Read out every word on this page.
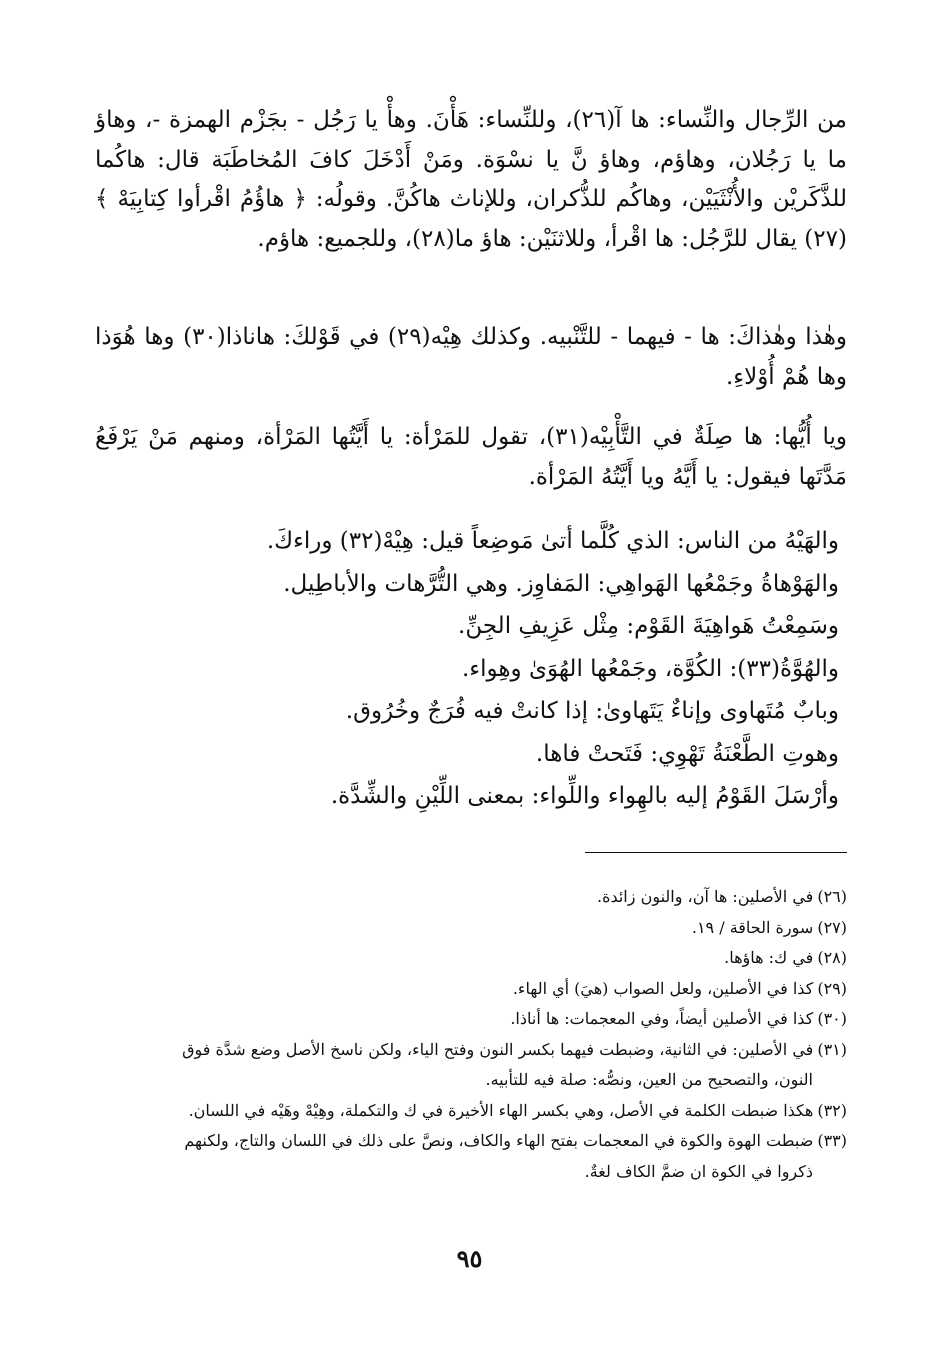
من الرِّجال والنِّساء: ها آ(٢٦)، وللنِّساء: هَأْنَ. وهأْ يا رَجُل - بجَزْم الهمزة -، وهاؤ ما يا رَجُلان، وهاؤم، وهاؤ نَّ يا نسْوَة. ومَنْ أَدْخَلَ كافَ المُخاطَبَة قال: هاكُما للذَّكَريْن والأُنْثَيَيْن، وهاكُم للذُّكران، وللإناث هاكُنَّ. وقولُه: ﴿ هاؤُمُ اقْرأوا كِتابِيَهْ ﴾(٢٧) يقال للرَّجُل: ها اقْرأ، وللاثنَيْن: هاؤ ما(٢٨)، وللجميع: هاؤم.

وهٰذا وهٰذاكَ: ها - فيهما - للتَّنْبيه. وكذلك هِيْه(٢٩) في قَوْلكَ: هاناذا(٣٠) وها هُوَذا وها هُمْ أُوْلاءِ.

ويا أُيُّها: ها صِلَةٌ في التَّأْبِيْه(٣١)، تقول للمَرْأة: يا أَيَّتُها المَرْأة، ومنهم مَنْ يَرْفَعُ مَدَّتَها فيقول: يا أَيَّهُ ويا أَيَّتُهُ المَرْأة.

والهَيْهُ من الناس: الذي كُلَّما أتىٰ مَوضِعاً قيل: هِيْهْ(٣٢) وراءكَ.
والهَوْهاةُ وجَمْعُها الهَواهِي: المَفاوِز. وهي التُّرَّهات والأباطِيل.
وسَمِعْتُ هَواهِيَةَ القَوْم: مِثْل عَزِيفِ الجِنِّ.
والهُوَّةُ(٣٣): الكُوَّة، وجَمْعُها الهُوَىٰ وهِواء.
وبابٌ مُتَهاوى وإناءٌ يَتَهاوىٰ: إذا كانتْ فيه فُرَجٌ وخُرُوق.
وهوتِ الطَّعْنَةُ تَهْوِي: فَتَحتْ فاها.
وأرْسَلَ القَوْمُ إليه بالهِواء واللِّواء: بمعنى اللِّيْنِ والشِّدَّة.
(٢٦)في الأصلين: ها آن، والنون زائدة.
(٢٧)سورة الحاقة / ١٩.
(٢٨)في ك: هاؤها.
(٢٩)كذا في الأصلين، ولعل الصواب (هيَ) أي الهاء.
(٣٠)كذا في الأصلين أيضاً، وفي المعجمات: ها أناذا.
(٣١)في الأصلين: في الثانية، وضبطت فيهما بكسر النون وفتح الياء، ولكن ناسخ الأصل وضع شدَّة فوق
النون، والتصحيح من العين، ونصُّه: صلة فيه للتأبيه.
(٣٢)هكذا ضبطت الكلمة في الأصل، وهي بكسر الهاء الأخيرة في ك والتكملة، وهِيْهْ وهَيْه في اللسان.
(٣٣)ضبطت الهوة والكوة في المعجمات بفتح الهاء والكاف، ونصَّ على ذلك في اللسان والتاج، ولكنهم
ذكروا في الكوة ان ضمَّ الكاف لغةٌ.
٩٥
